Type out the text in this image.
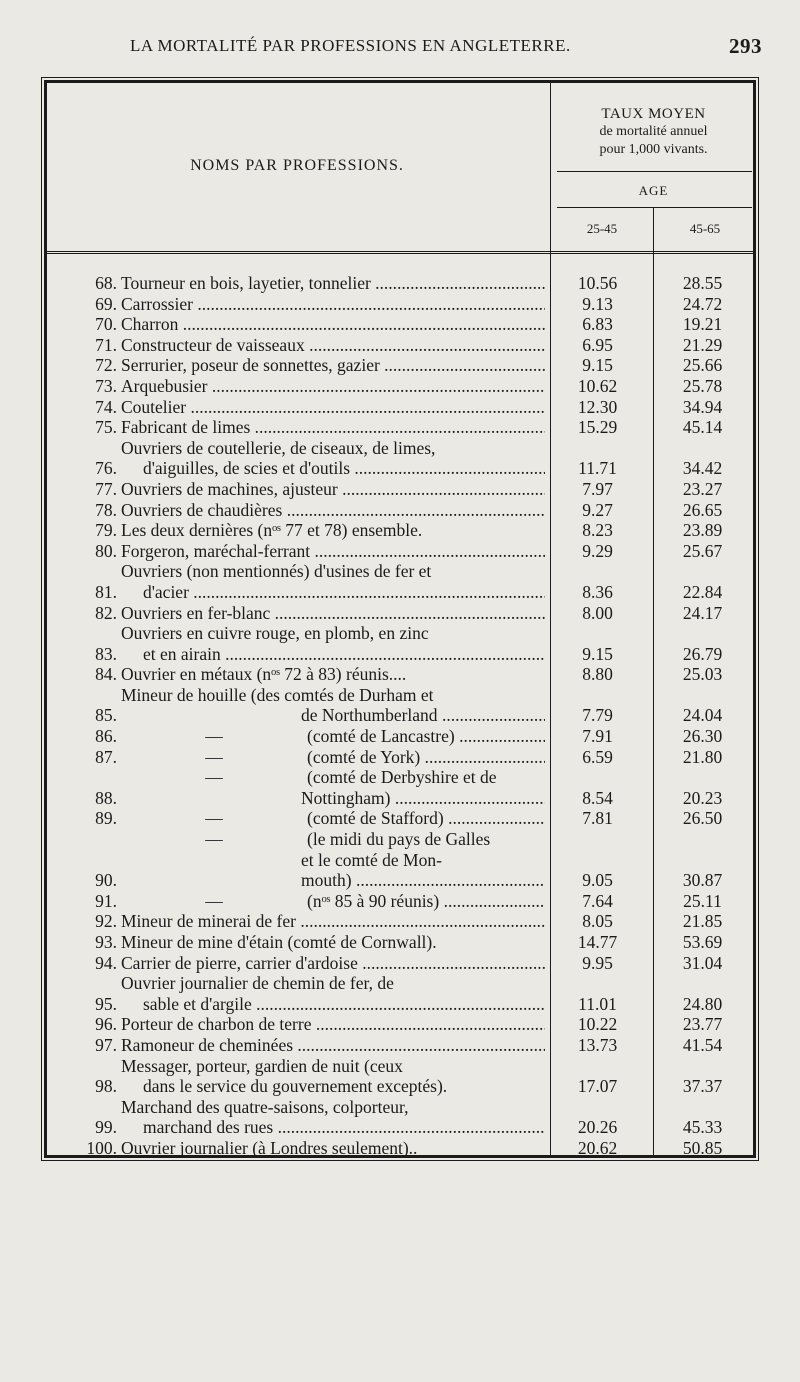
LA MORTALITÉ PAR PROFESSIONS EN ANGLETERRE.	293
NOMS PAR PROFESSIONS.
TAUX MOYEN
de mortalité annuel
pour 1,000 vivants.
AGE
25-45	45-65
68. Tourneur en bois, layetier, tonnelier .....	10.56	28.55
69. Carrossier .....	9.13	24.72
70. Charron .....	6.83	19.21
71. Constructeur de vaisseaux .....	6.95	21.29
72. Serrurier, poseur de sonnettes, gazier .....	9.15	25.66
73. Arquebusier .....	10.62	25.78
74. Coutelier .....	12.30	34.94
75. Fabricant de limes .....	15.29	45.14
76.
Ouvriers de coutellerie, de ciseaux, de limes,
d'aiguilles, de scies et d'outils .....	11.71	34.42
77. Ouvriers de machines, ajusteur .....	7.97	23.27
78. Ouvriers de chaudières .....	9.27	26.65
79. Les deux dernières (nᵒˢ 77 et 78) ensemble.	8.23	23.89
80. Forgeron, maréchal-ferrant .....	9.29	25.67
81.
Ouvriers (non mentionnés) d'usines de fer et
d'acier .....	8.36	22.84
82. Ouvriers en fer-blanc .....	8.00	24.17
83.
Ouvriers en cuivre rouge, en plomb, en zinc
et en airain .....	9.15	26.79
84. Ouvrier en métaux (nᵒˢ 72 à 83) réunis....	8.80	25.03
85.
Mineur de houille (des comtés de Durham et
de Northumberland .....	7.79	24.04
86.	—	(comté de Lancastre) .....	7.91	26.30
87.	—	(comté de York) .....	6.59	21.80
88.
—	(comté de Derbyshire et de
Nottingham) .....	8.54	20.23
89.	—	(comté de Stafford) .....	7.81	26.50
90.
—	(le midi du pays de Galles
et le comté de Mon-
mouth) .....	9.05	30.87
91.	—	(nᵒˢ 85 à 90 réunis) .....	7.64	25.11
92. Mineur de minerai de fer .....	8.05	21.85
93. Mineur de mine d'étain (comté de Cornwall).	14.77	53.69
94. Carrier de pierre, carrier d'ardoise .....	9.95	31.04
95.
Ouvrier journalier de chemin de fer, de
sable et d'argile .....	11.01	24.80
96. Porteur de charbon de terre .....	10.22	23.77
97. Ramoneur de cheminées .....	13.73	41.54
98.
Messager, porteur, gardien de nuit (ceux
dans le service du gouvernement exceptés).	17.07	37.37
99.
Marchand des quatre-saisons, colporteur,
marchand des rues .....	20.26	45.33
100. Ouvrier journalier (à Londres seulement)..	20.62	50.85
